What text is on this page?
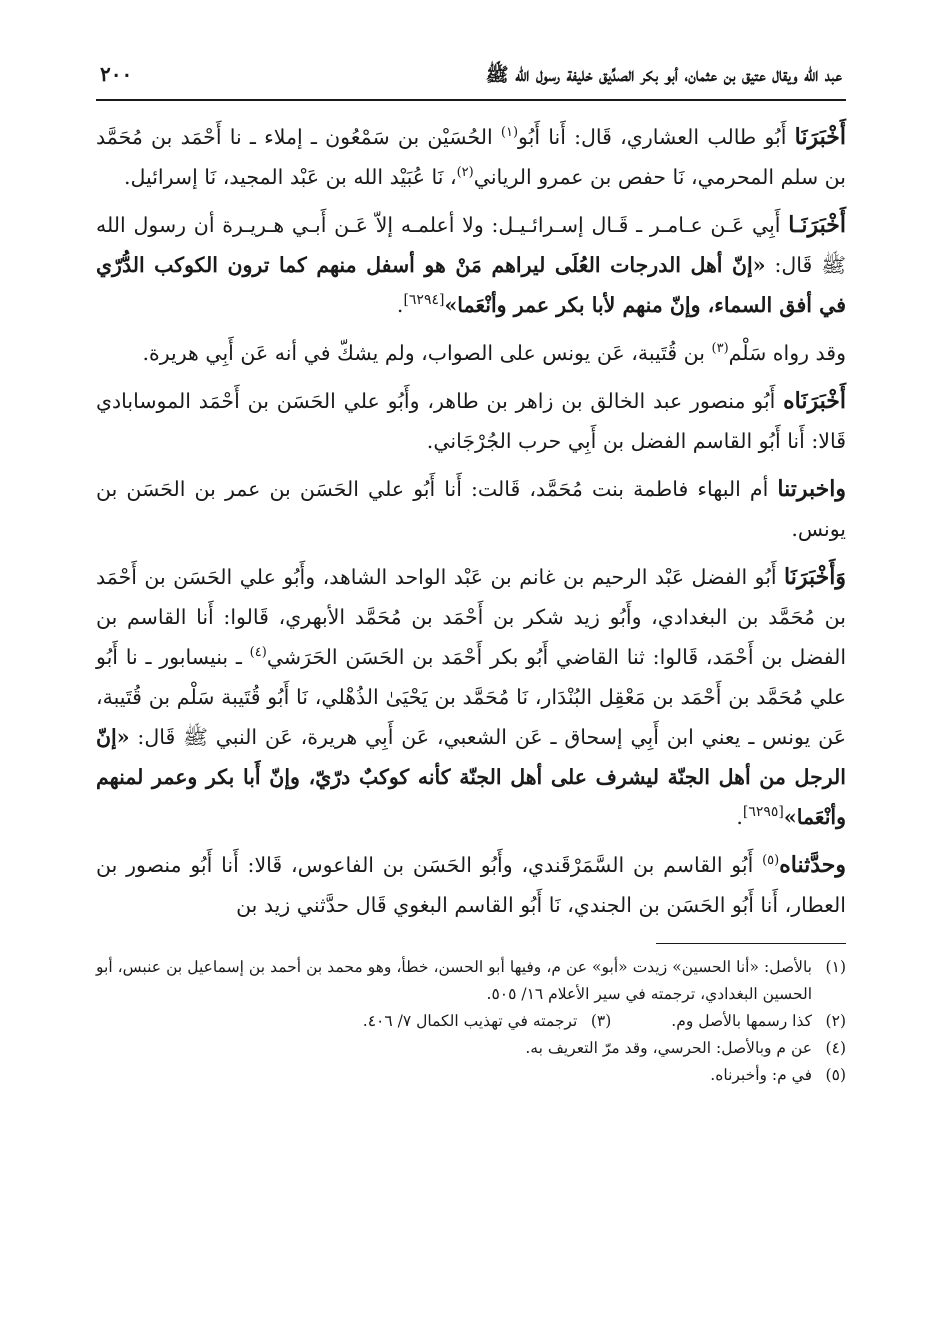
عبد الله ويقال عتيق بن عثمان، أبو بكر الصدِّيق خليفة رسول الله ﷺ
٢٠٠

أَخْبَرَنَا أَبُو طالب العشاري، قَال: أَنا أَبُو$^{(١)}$ الحُسَيْن بن سَمْعُون ـ إملاء ـ نا أَحْمَد بن مُحَمَّد بن سلم المحرمي، نَا حفص بن عمرو الرياني$^{(٢)}$، نَا عُبَيْد الله بن عَبْد المجيد، نَا إسرائيل.

أَخْبَرَنَـا أَبِي عَـن عـامـر ـ قَـال إسـرائـيـل: ولا أعلمـه إلاّ عَـن أَبـي هـريـرة أن رسول الله ﷺ قَال: «إنّ أهل الدرجات العُلَى ليراهم مَنْ هو أسفل منهم كما ترون الكوكب الدُّرّي في أفق السماء، وإنّ منهم لأبا بكر عمر وأنْعَما»[٦٢٩٤].

وقد رواه سَلْم$^{(٣)}$ بن قُتَيبة، عَن يونس على الصواب، ولم يشكّ في أنه عَن أَبِي هريرة.

أَخْبَرَنَاه أَبُو منصور عبد الخالق بن زاهر بن طاهر، وأَبُو علي الحَسَن بن أَحْمَد الموسابادي قَالا: أَنا أَبُو القاسم الفضل بن أَبِي حرب الجُرْجَاني.

واخبرتنا أم البهاء فاطمة بنت مُحَمَّد، قَالت: أَنا أَبُو علي الحَسَن بن عمر بن الحَسَن بن يونس.

وَأَخْبَرَنَا أَبُو الفضل عَبْد الرحيم بن غانم بن عَبْد الواحد الشاهد، وأَبُو علي الحَسَن بن أَحْمَد بن مُحَمَّد بن البغدادي، وأَبُو زيد شكر بن أَحْمَد بن مُحَمَّد الأبهري، قَالوا: أَنا القاسم بن الفضل بن أَحْمَد، قَالوا: ثنا القاضي أَبُو بكر أَحْمَد بن الحَسَن الحَرَشي$^{(٤)}$ ـ بنيسابور ـ نا أَبُو علي مُحَمَّد بن أَحْمَد بن مَعْقِل البُنْدَار، نَا مُحَمَّد بن يَحْيَىٰ الذُهْلي، نَا أَبُو قُتَيبة سَلْم بن قُتَيبة، عَن يونس ـ يعني ابن أَبِي إسحاق ـ عَن الشعبي، عَن أَبِي هريرة، عَن النبي ﷺ قَال: «إنّ الرجل من أهل الجنّة ليشرف على أهل الجنّة كأنه كوكبٌ درّيّ، وإنّ أَبا بكر وعمر لمنهم وأنْعَما»[٦٢٩٥].

وحدَّثناه$^{(٥)}$ أَبُو القاسم بن السَّمَرْقَندي، وأَبُو الحَسَن بن الفاعوس، قَالا: أَنا أَبُو منصور بن العطار، أَنا أَبُو الحَسَن بن الجندي، نَا أَبُو القاسم البغوي قَال حدَّثني زيد بن

(١)
بالأصل: «أنا الحسين» زيدت «أبو» عن م، وفيها أبو الحسن، خطأ، وهو محمد بن أحمد بن إسماعيل بن عنبس، أبو الحسين البغدادي، ترجمته في سير الأعلام ١٦/ ٥٠٥.
(٢)
كذا رسمها بالأصل وم.
(٣)
ترجمته في تهذيب الكمال ٧/ ٤٠٦.
(٤)
عن م وبالأصل: الحرسي، وقد مرّ التعريف به.
(٥)
في م: وأخبرناه.
